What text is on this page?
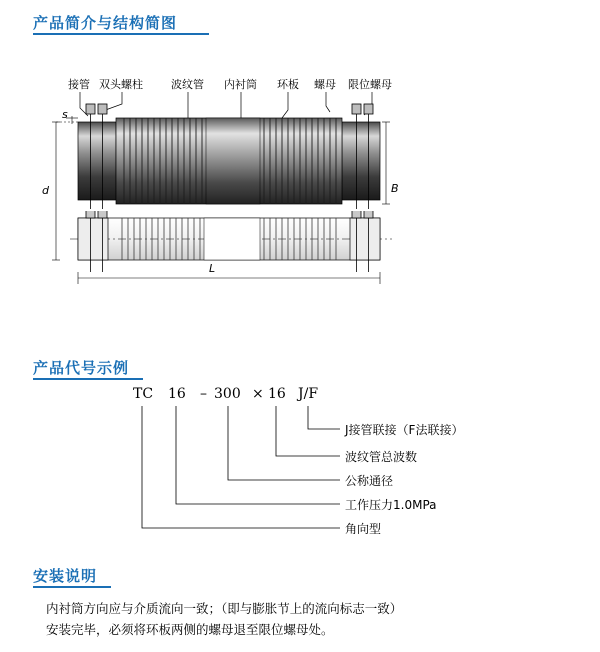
产品简介与结构简图
接管 双头螺柱	波纹管 内衬筒 环板 螺母 限位螺母
s
d	B
L
产品代号示例
TC 16 – 300 × 16 J/F
J接管联接（F法联接）
波纹管总波数
公称通径
工作压力1.0MPa
角向型
安装说明
内衬筒方向应与介质流向一致；（即与膨胀节上的流向标志一致）
安装完毕，必须将环板两侧的螺母退至限位螺母处。
